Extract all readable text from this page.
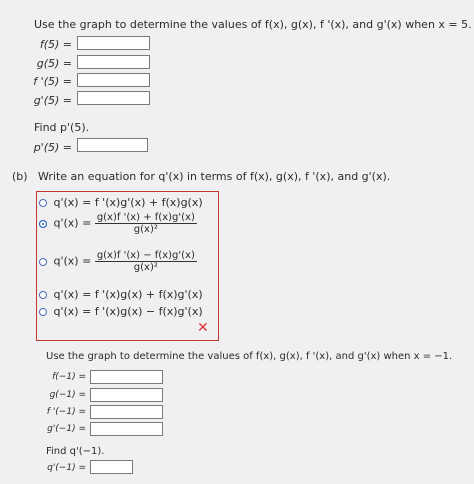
Use the graph to determine the values of f(x), g(x), f '(x), and g'(x) when x = 5.
f(5) =
g(5) =
f '(5) =
g'(5) =
Find p'(5).
p'(5) =
(b) Write an equation for q'(x) in terms of f(x), g(x), f '(x), and g'(x).
q'(x) = f '(x)g'(x) + f(x)g(x)
$q'(x) = \frac{g(x)f '(x) + f(x)g'(x)}{\text{g(x)²}}$
$q'(x) = \frac{g(x)f '(x) - f(x)g'(x)}{\text{g(x)²}}$
q'(x) = f '(x)g(x) + f(x)g'(x)
q'(x) = f '(x)g(x) − f(x)g'(x)
✕
Use the graph to determine the values of f(x), g(x), f '(x), and g'(x) when x = −1.
f(−1) =
g(−1) =
f '(−1) =
g'(−1) =
Find q'(−1).
q'(−1) =
